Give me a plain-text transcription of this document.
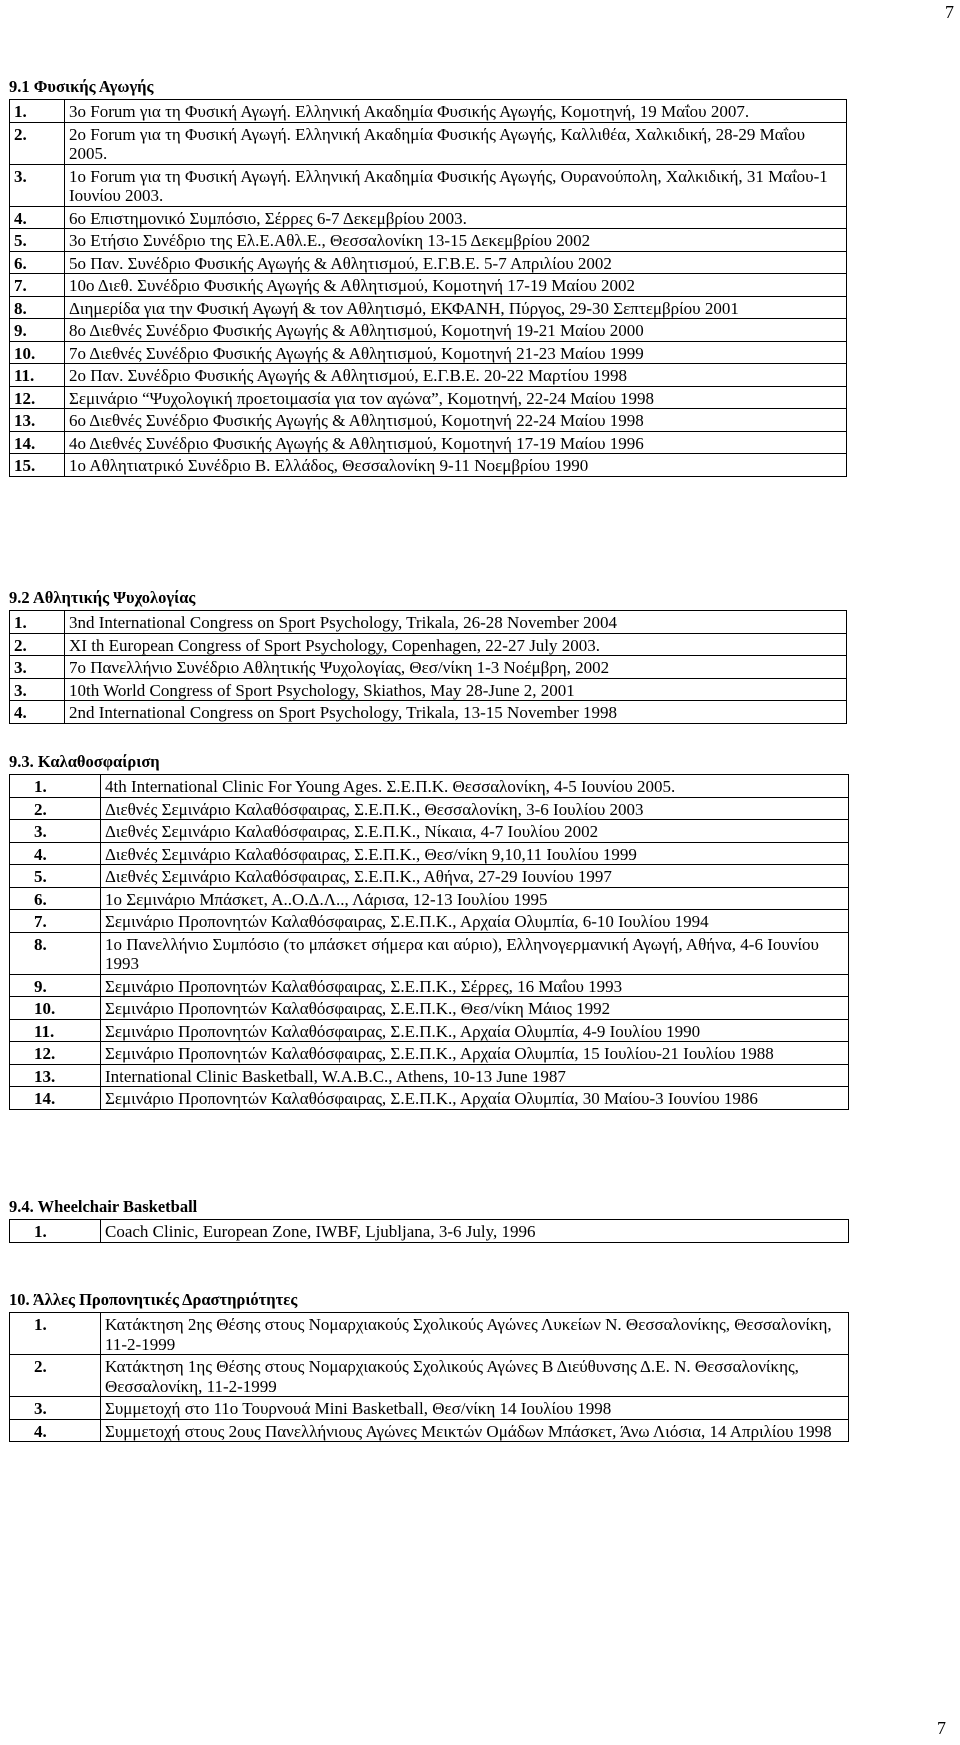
7
9.1 Φυσικής Αγωγής
1.	3ο Forum για τη Φυσική Αγωγή. Ελληνική Ακαδημία Φυσικής Αγωγής, Κομοτηνή, 19 Μαΐου 2007.
2.	2ο Forum για τη Φυσική Αγωγή. Ελληνική Ακαδημία Φυσικής Αγωγής, Καλλιθέα, Χαλκιδική, 28-29 Μαΐου 2005.
3.	1ο Forum για τη Φυσική Αγωγή. Ελληνική Ακαδημία Φυσικής Αγωγής, Ουρανούπολη, Χαλκιδική, 31 Μαΐου-1 Ιουνίου 2003.
4.	6ο Επιστημονικό Συμπόσιο, Σέρρες 6-7 Δεκεμβρίου 2003.
5.	3ο Ετήσιο Συνέδριο της Ελ.Ε.Αθλ.Ε., Θεσσαλονίκη 13-15 Δεκεμβρίου 2002
6.	5ο Παν. Συνέδριο Φυσικής Αγωγής & Αθλητισμού, Ε.Γ.Β.Ε. 5-7 Απριλίου 2002
7.	10ο Διεθ. Συνέδριο Φυσικής Αγωγής & Αθλητισμού, Κομοτηνή 17-19 Μαίου 2002
8.	Διημερίδα για την Φυσική Αγωγή & τον Αθλητισμό, ΕΚΦΑΝΗ, Πύργος, 29-30 Σεπτεμβρίου 2001
9.	8ο Διεθνές Συνέδριο Φυσικής Αγωγής & Αθλητισμού, Κομοτηνή 19-21 Μαίου 2000
10.	7ο Διεθνές Συνέδριο Φυσικής Αγωγής & Αθλητισμού, Κομοτηνή 21-23 Μαίου 1999
11.	2ο Παν. Συνέδριο Φυσικής Αγωγής & Αθλητισμού, Ε.Γ.Β.Ε. 20-22 Μαρτίου 1998
12.	Σεμινάριο “Ψυχολογική προετοιμασία για τον αγώνα”, Κομοτηνή, 22-24 Μαίου 1998
13.	6ο Διεθνές Συνέδριο Φυσικής Αγωγής & Αθλητισμού, Κομοτηνή 22-24 Μαίου 1998
14.	4ο Διεθνές Συνέδριο Φυσικής Αγωγής & Αθλητισμού, Κομοτηνή 17-19 Μαίου 1996
15.	1ο Αθλητιατρικό Συνέδριο Β. Ελλάδος, Θεσσαλονίκη 9-11 Νοεμβρίου 1990
9.2 Αθλητικής Ψυχολογίας
1.	3nd International Congress on Sport Psychology, Trikala, 26-28 November 2004
2.	XI th European Congress of Sport Psychology, Copenhagen, 22-27 July 2003.
3.	7ο Πανελλήνιο Συνέδριο Αθλητικής Ψυχολογίας, Θεσ/νίκη 1-3 Νοέμβρη, 2002
3.	10th World Congress of Sport Psychology, Skiathos, May 28-June 2, 2001
4.	2nd International Congress on Sport Psychology, Trikala, 13-15 November 1998
9.3. Καλαθοσφαίριση
1.	4th International Clinic For Young Ages. Σ.Ε.Π.Κ. Θεσσαλονίκη, 4-5 Ιουνίου 2005.
2.	Διεθνές Σεμινάριο Καλαθόσφαιρας, Σ.Ε.Π.Κ., Θεσσαλονίκη, 3-6 Ιουλίου 2003
3.	Διεθνές Σεμινάριο Καλαθόσφαιρας, Σ.Ε.Π.Κ., Νίκαια, 4-7 Ιουλίου 2002
4.	Διεθνές Σεμινάριο Καλαθόσφαιρας, Σ.Ε.Π.Κ., Θεσ/νίκη 9,10,11 Ιουλίου 1999
5.	Διεθνές Σεμινάριο Καλαθόσφαιρας, Σ.Ε.Π.Κ., Αθήνα, 27-29 Ιουνίου 1997
6.	1ο Σεμινάριο Μπάσκετ, Α..Ο.Δ.Λ.., Λάρισα, 12-13 Ιουλίου 1995
7.	Σεμινάριο Προπονητών Καλαθόσφαιρας, Σ.Ε.Π.Κ., Αρχαία Ολυμπία, 6-10 Ιουλίου 1994
8.	1ο Πανελλήνιο Συμπόσιο (το μπάσκετ σήμερα και αύριο), Ελληνογερμανική Αγωγή, Αθήνα, 4-6 Ιουνίου 1993
9.	Σεμινάριο Προπονητών Καλαθόσφαιρας, Σ.Ε.Π.Κ., Σέρρες, 16 Μαΐου 1993
10.	Σεμινάριο Προπονητών Καλαθόσφαιρας, Σ.Ε.Π.Κ., Θεσ/νίκη Μάιος 1992
11.	Σεμινάριο Προπονητών Καλαθόσφαιρας, Σ.Ε.Π.Κ., Αρχαία Ολυμπία, 4-9 Ιουλίου 1990
12.	Σεμινάριο Προπονητών Καλαθόσφαιρας, Σ.Ε.Π.Κ., Αρχαία Ολυμπία, 15 Ιουλίου-21 Ιουλίου 1988
13.	International Clinic Basketball, W.A.B.C., Athens, 10-13 June 1987
14.	Σεμινάριο Προπονητών Καλαθόσφαιρας, Σ.Ε.Π.Κ., Αρχαία Ολυμπία, 30 Μαίου-3 Ιουνίου 1986
9.4. Wheelchair Basketball
1.	Coach Clinic, European Zone, IWBF, Ljubljana, 3-6 July, 1996
10. Άλλες Προπονητικές Δραστηριότητες
1.	Κατάκτηση 2ης Θέσης στους Νομαρχιακούς Σχολικούς Αγώνες Λυκείων Ν. Θεσσαλονίκης, Θεσσαλονίκη, 11-2-1999
2.	Κατάκτηση 1ης Θέσης στους Νομαρχιακούς Σχολικούς Αγώνες Β Διεύθυνσης Δ.Ε. Ν. Θεσσαλονίκης, Θεσσαλονίκη, 11-2-1999
3.	Συμμετοχή στο 11ο Τουρνουά Mini Basketball, Θεσ/νίκη 14 Ιουλίου 1998
4.	Συμμετοχή στους 2ους Πανελλήνιους Αγώνες Μεικτών Ομάδων Μπάσκετ, Άνω Λιόσια, 14 Απριλίου 1998
7
